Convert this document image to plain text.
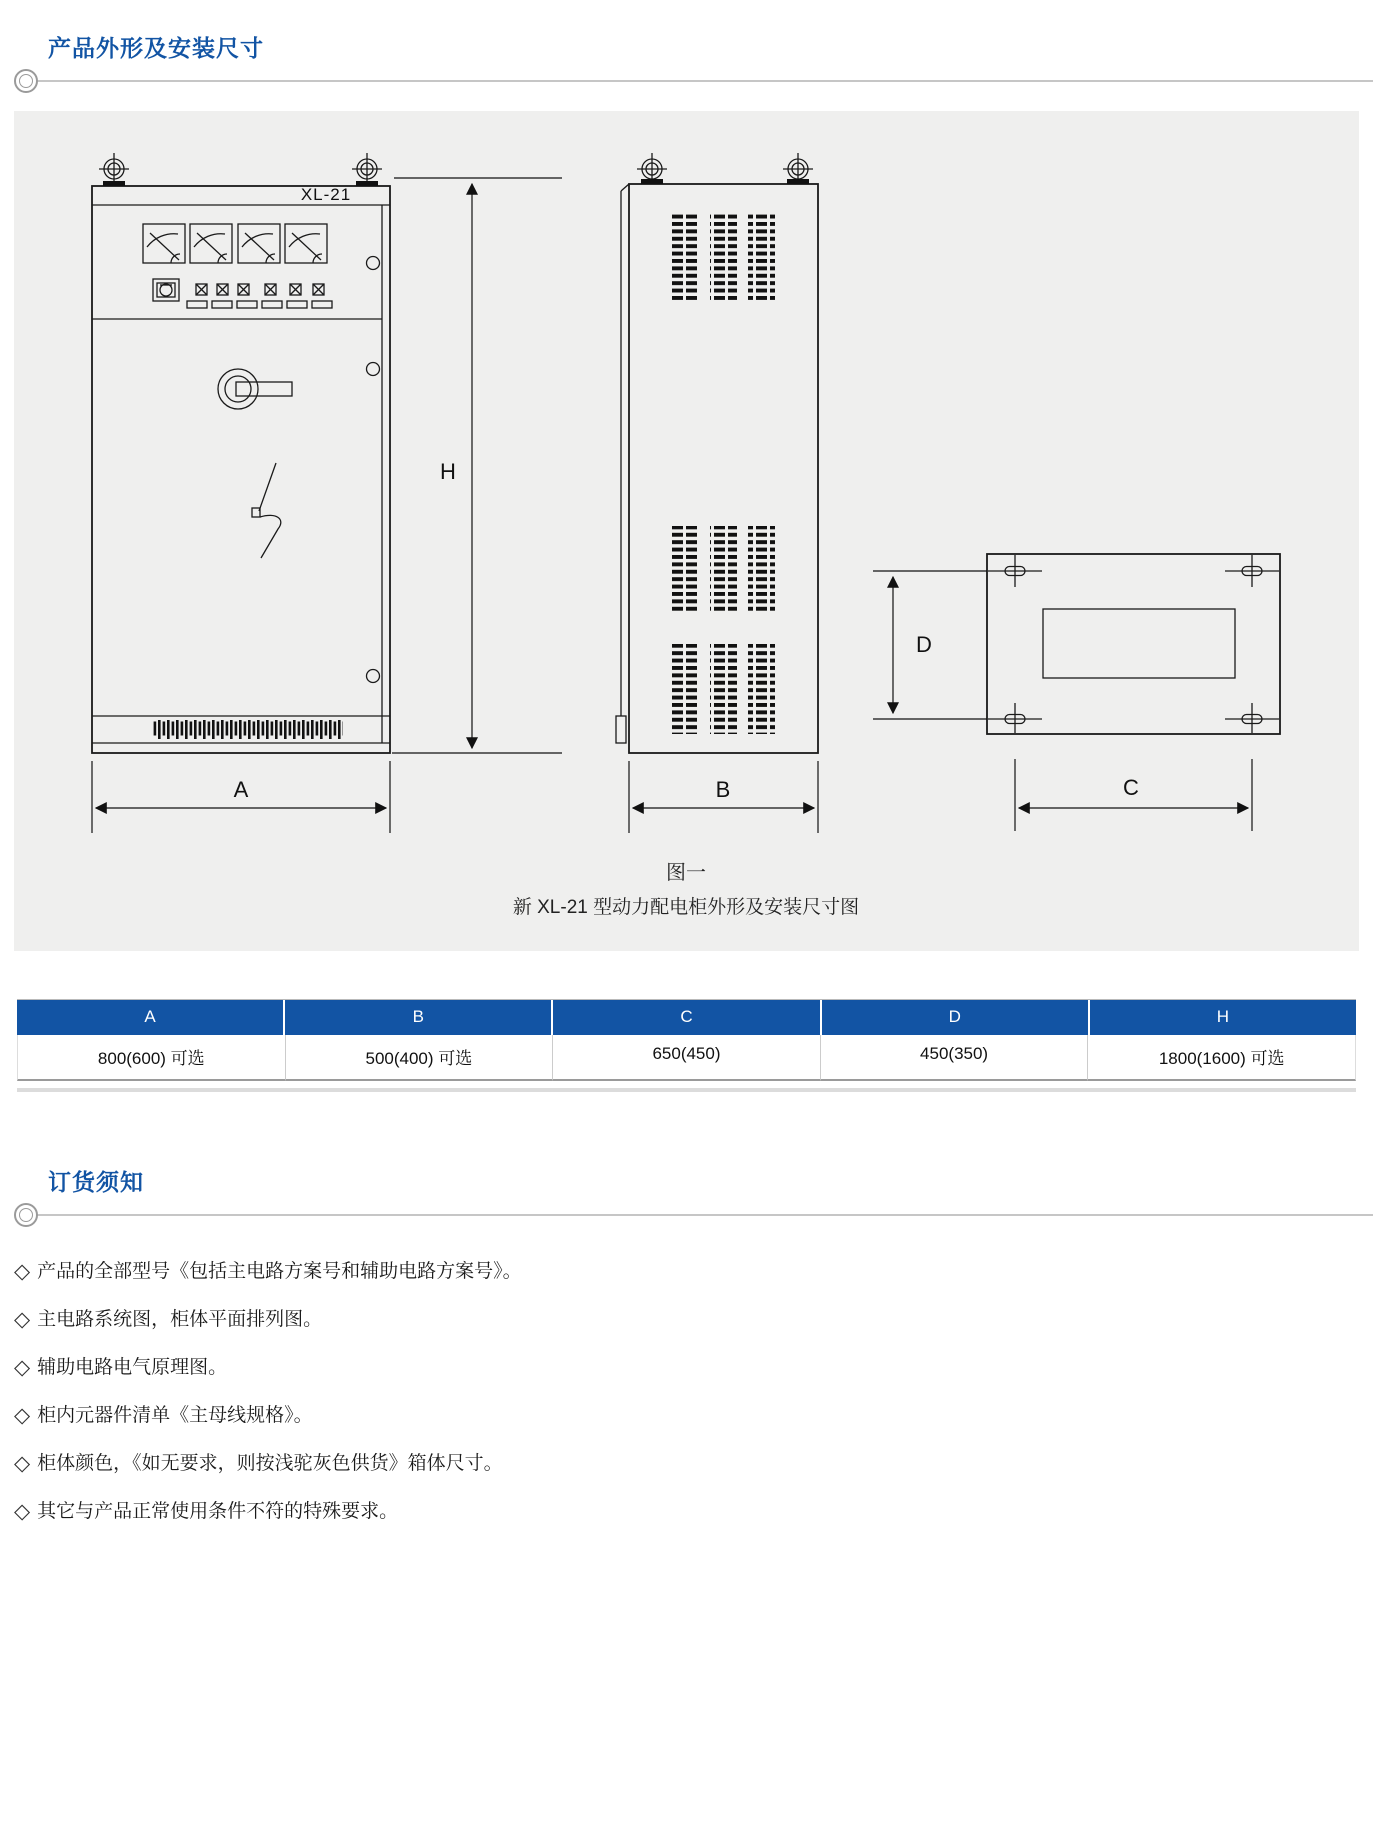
产品外形及安装尺寸
XL-21
A	B	C
D
H
图一
新 XL-21 型动力配电柜外形及安装尺寸图
A	B	C	D	H
800(600) 可选	500(400) 可选	650(450)	450(350)	1800(1600) 可选
订货须知
◇ 产品的全部型号《包括主电路方案号和辅助电路方案号》。
◇ 主电路系统图，柜体平面排列图。
◇ 辅助电路电气原理图。
◇ 柜内元器件清单《主母线规格》。
◇ 柜体颜色，《如无要求，则按浅驼灰色供货》箱体尺寸。
◇ 其它与产品正常使用条件不符的特殊要求。
